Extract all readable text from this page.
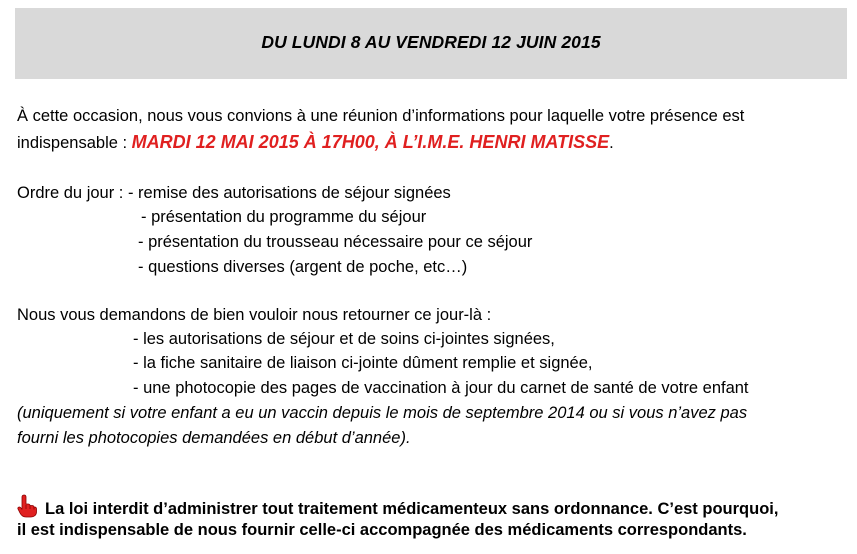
DU LUNDI 8 AU VENDREDI 12 JUIN 2015
À cette occasion, nous vous convions à une réunion d’informations pour laquelle votre présence est
indispensable : MARDI 12 MAI 2015 À 17H00, À L’I.M.E. HENRI MATISSE.
Ordre du jour : - remise des autorisations de séjour signées
- présentation du programme du séjour
- présentation du trousseau nécessaire pour ce séjour
- questions diverses (argent de poche, etc…)
Nous vous demandons de bien vouloir nous retourner ce jour-là :
- les autorisations de séjour et de soins ci-jointes signées,
- la fiche sanitaire de liaison ci-jointe dûment remplie et signée,
- une photocopie des pages de vaccination à jour du carnet de santé de votre enfant
(uniquement si votre enfant a eu un vaccin depuis le mois de septembre 2014 ou si vous n’avez pas
fourni les photocopies demandées en début d’année).
La loi interdit d’administrer tout traitement médicamenteux sans ordonnance. C’est pourquoi,
il est indispensable de nous fournir celle-ci accompagnée des médicaments correspondants.
